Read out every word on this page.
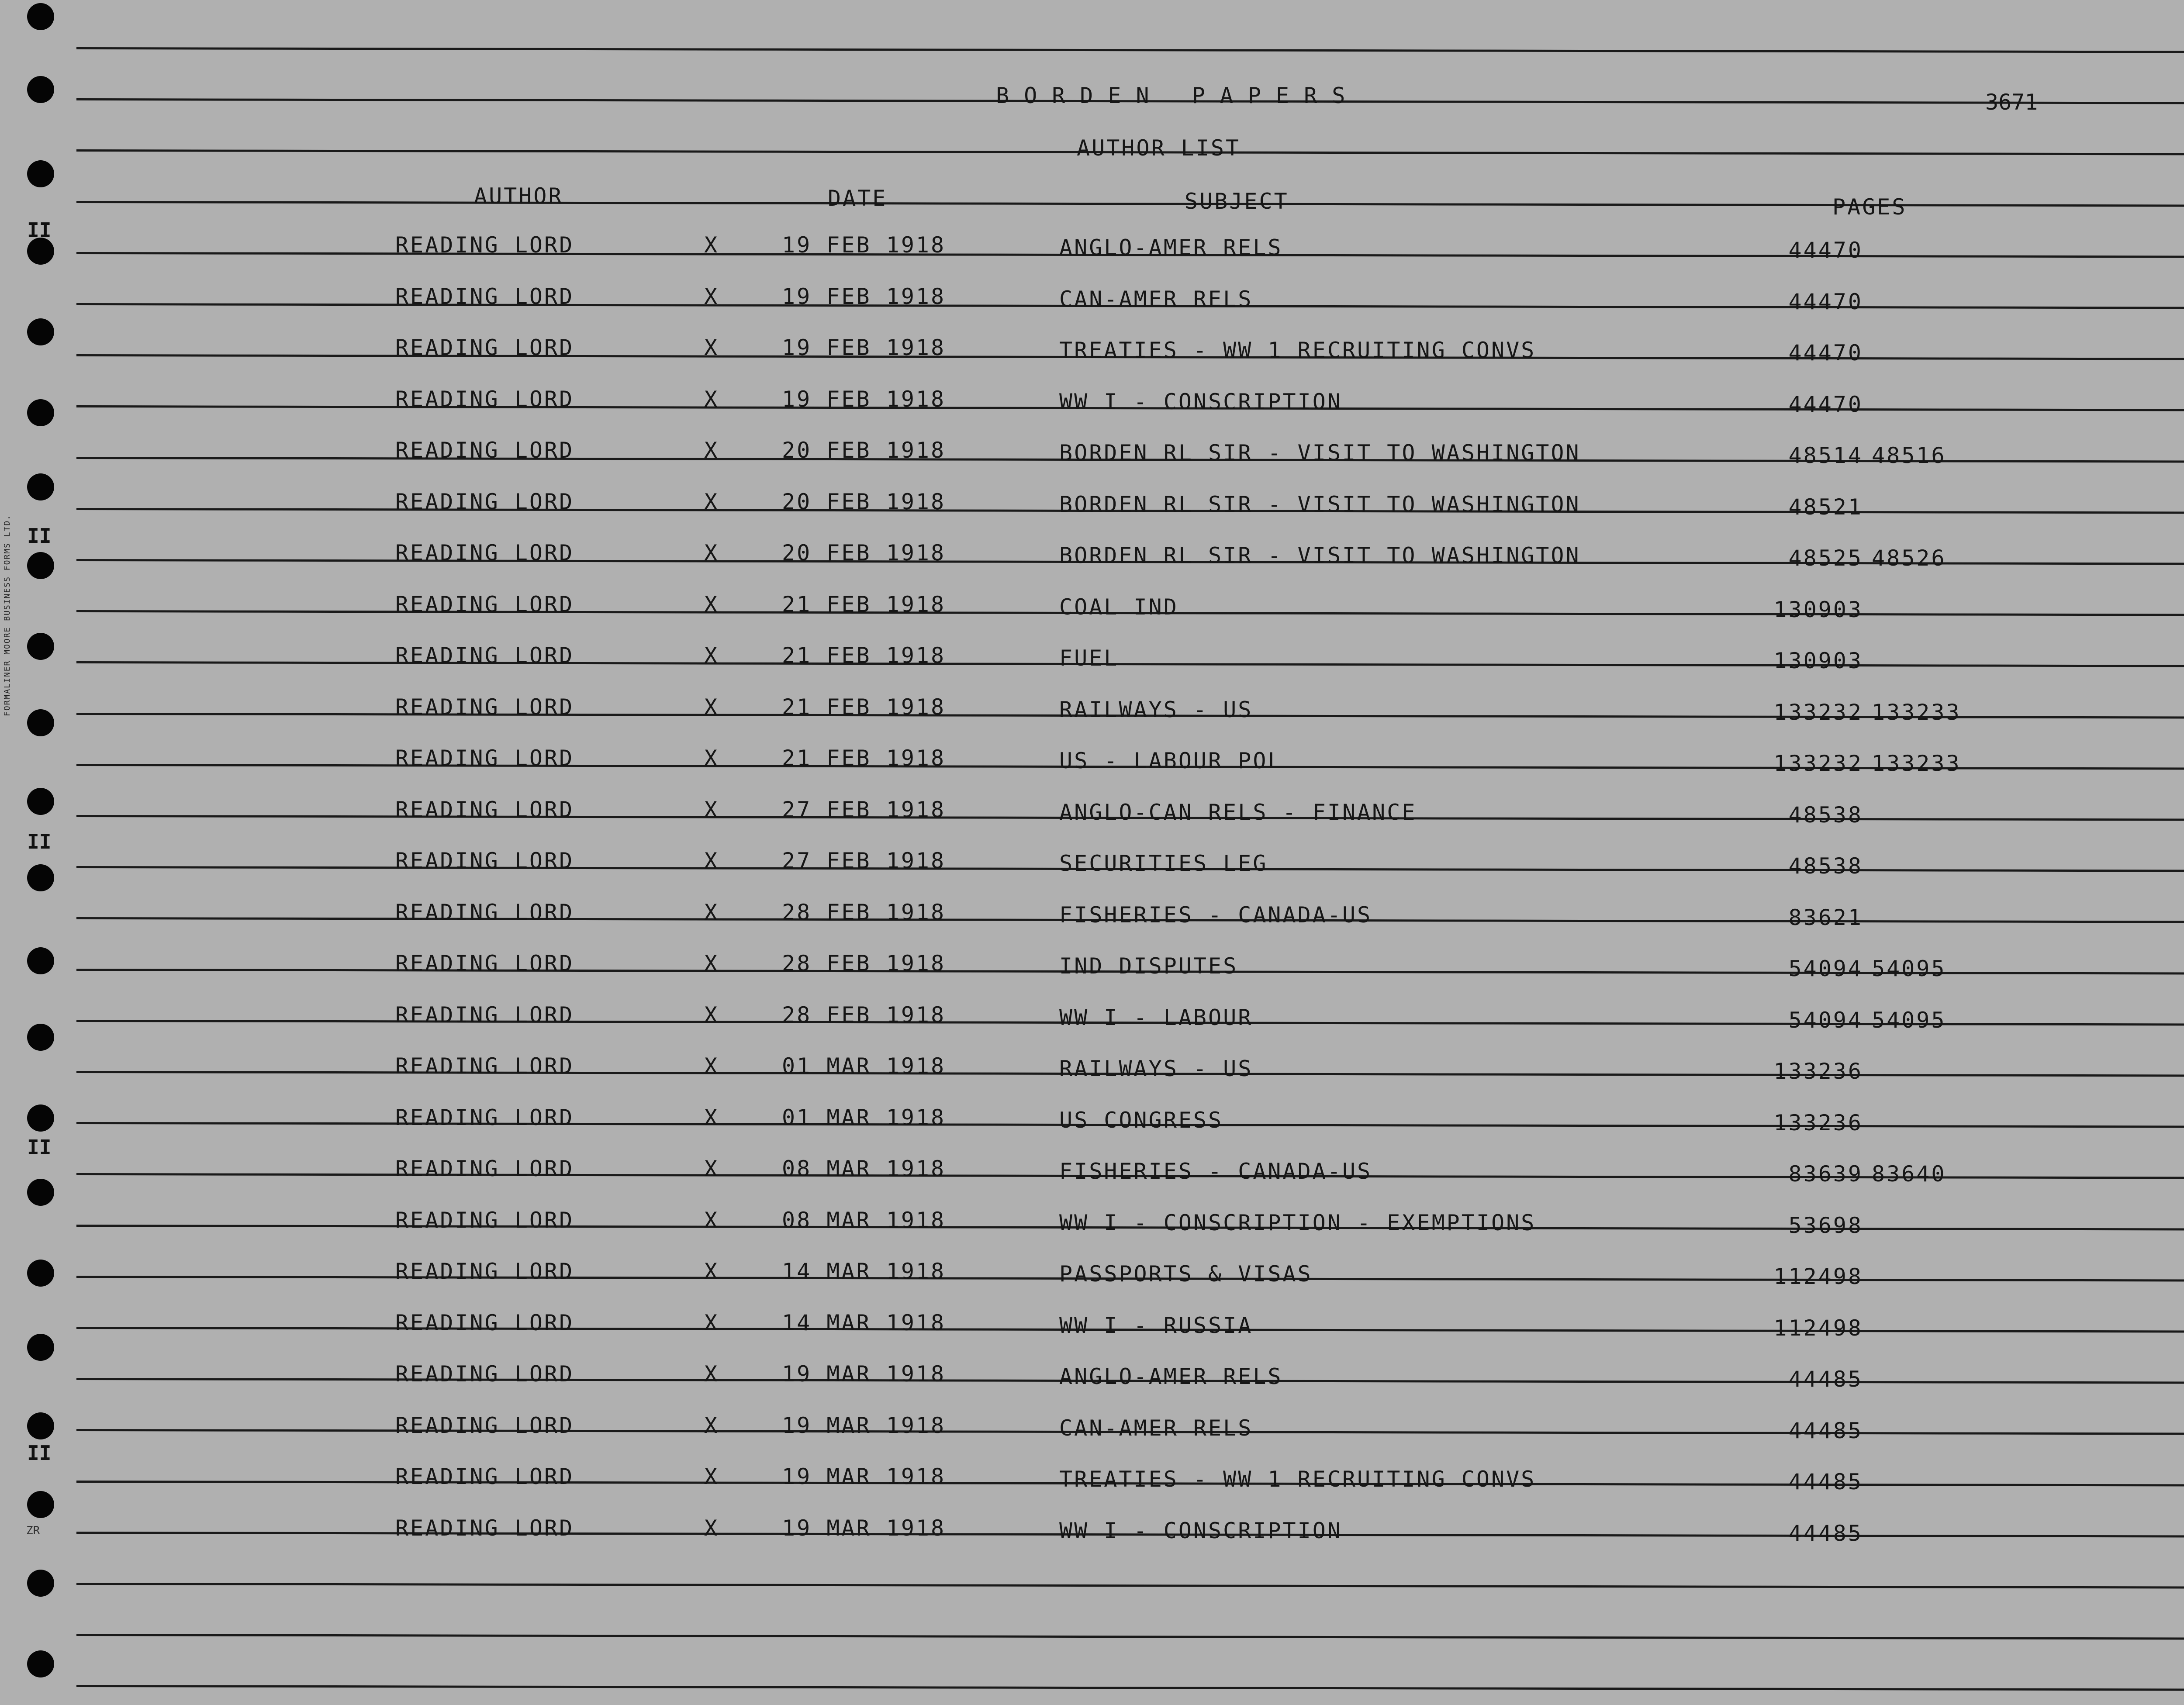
II
II
II
II
II
FORMALINER MOORE BUSINESS FORMS LTD.
ZR
BORDEN PAPERS	3671
AUTHOR LIST
AUTHOR	DATE	SUBJECT	PAGES
READING LORD	X	19 FEB 1918	ANGLO-AMER RELS	44470
READING LORD	X	19 FEB 1918	CAN-AMER RELS	44470
READING LORD	X	19 FEB 1918	TREATIES - WW 1 RECRUITING CONVS	44470
READING LORD	X	19 FEB 1918	WW I - CONSCRIPTION	44470
READING LORD	X	20 FEB 1918	BORDEN RL SIR - VISIT TO WASHINGTON	48514 48516
READING LORD	X	20 FEB 1918	BORDEN RL SIR - VISIT TO WASHINGTON	48521
READING LORD	X	20 FEB 1918	BORDEN RL SIR - VISIT TO WASHINGTON	48525 48526
READING LORD	X	21 FEB 1918	COAL IND	130903
READING LORD	X	21 FEB 1918	FUEL	130903
READING LORD	X	21 FEB 1918	RAILWAYS - US	133232 133233
READING LORD	X	21 FEB 1918	US - LABOUR POL	133232 133233
READING LORD	X	27 FEB 1918	ANGLO-CAN RELS - FINANCE	48538
READING LORD	X	27 FEB 1918	SECURITIES LEG	48538
READING LORD	X	28 FEB 1918	FISHERIES - CANADA-US	83621
READING LORD	X	28 FEB 1918	IND DISPUTES	54094 54095
READING LORD	X	28 FEB 1918	WW I - LABOUR	54094 54095
READING LORD	X	01 MAR 1918	RAILWAYS - US	133236
READING LORD	X	01 MAR 1918	US CONGRESS	133236
READING LORD	X	08 MAR 1918	FISHERIES - CANADA-US	83639 83640
READING LORD	X	08 MAR 1918	WW I - CONSCRIPTION - EXEMPTIONS	53698
READING LORD	X	14 MAR 1918	PASSPORTS & VISAS	112498
READING LORD	X	14 MAR 1918	WW I - RUSSIA	112498
READING LORD	X	19 MAR 1918	ANGLO-AMER RELS	44485
READING LORD	X	19 MAR 1918	CAN-AMER RELS	44485
READING LORD	X	19 MAR 1918	TREATIES - WW 1 RECRUITING CONVS	44485
READING LORD	X	19 MAR 1918	WW I - CONSCRIPTION	44485
